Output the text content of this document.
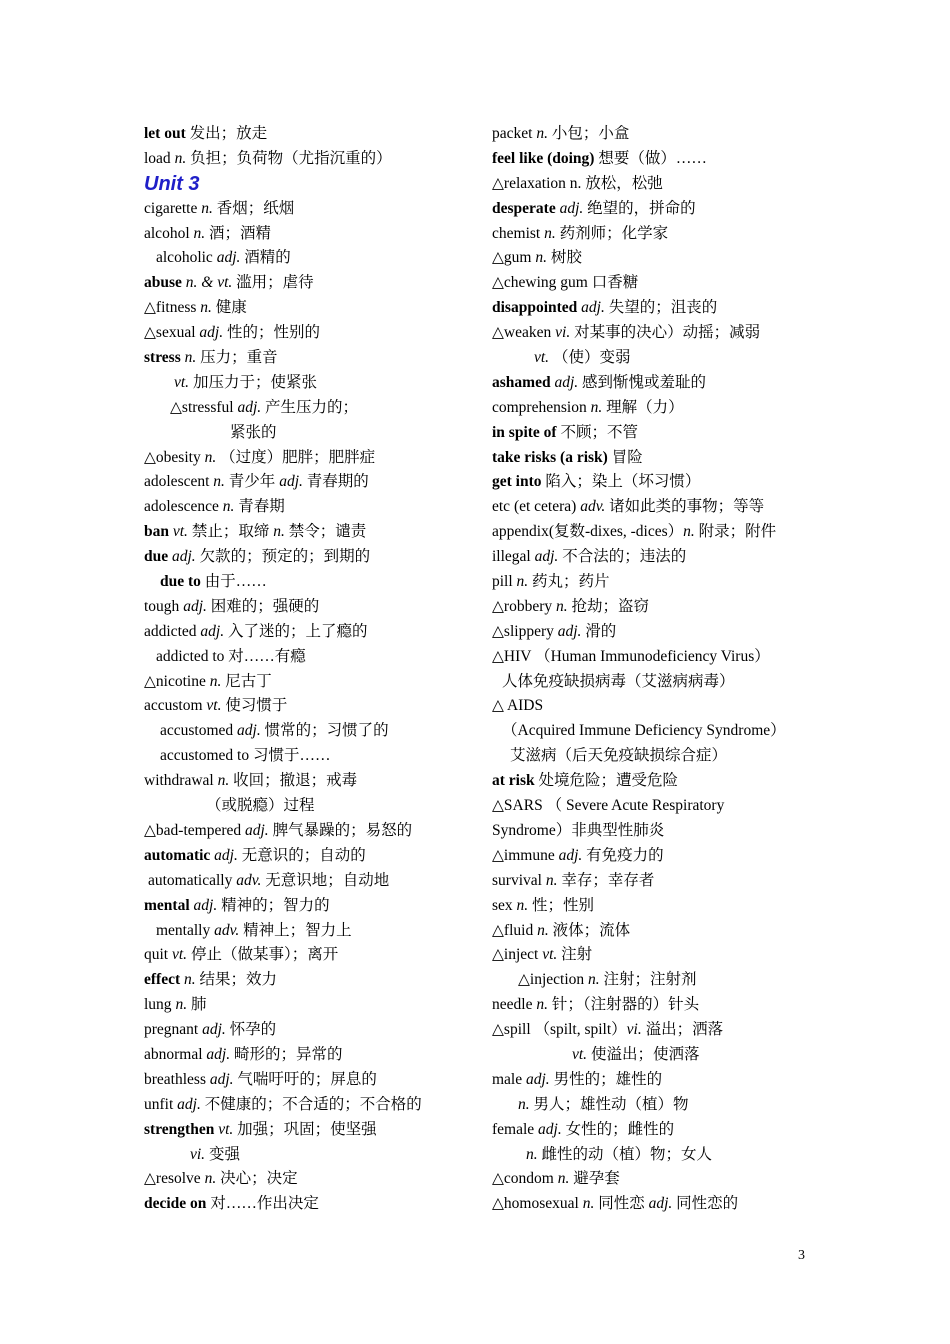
let out 发出；放走
load n. 负担；负荷物（尤指沉重的）
Unit 3
cigarette n. 香烟；纸烟
alcohol n. 酒；酒精
alcoholic adj. 酒精的
abuse n. & vt. 滥用；虐待
△fitness n. 健康
△sexual adj. 性的；性别的
stress n. 压力；重音
vt. 加压力于；使紧张
△stressful adj. 产生压力的；
紧张的
△obesity n. （过度）肥胖；肥胖症
adolescent n. 青少年 adj. 青春期的
adolescence n. 青春期
ban vt. 禁止；取缔 n. 禁令；谴责
due adj. 欠款的；预定的；到期的
due to 由于……
tough adj. 困难的；强硬的
addicted adj. 入了迷的；上了瘾的
addicted to 对……有瘾
△nicotine n. 尼古丁
accustom vt. 使习惯于
accustomed adj. 惯常的；习惯了的
accustomed to 习惯于……
withdrawal n. 收回；撤退；戒毒
（或脱瘾）过程
△bad-tempered adj. 脾气暴躁的；易怒的
automatic adj. 无意识的；自动的
automatically adv. 无意识地；自动地
mental adj. 精神的；智力的
mentally adv. 精神上；智力上
quit vt. 停止（做某事）；离开
effect n. 结果；效力
lung n. 肺
pregnant adj. 怀孕的
abnormal adj. 畸形的；异常的
breathless adj. 气喘吁吁的；屏息的
unfit adj. 不健康的；不合适的；不合格的
strengthen vt. 加强；巩固；使坚强
vi. 变强
△resolve n. 决心；决定
decide on 对……作出决定
packet n. 小包；小盒
feel like (doing) 想要（做）……
△relaxation n. 放松，松弛
desperate adj. 绝望的，拼命的
chemist n. 药剂师；化学家
△gum n. 树胶
△chewing gum 口香糖
disappointed adj. 失望的；沮丧的
△weaken vi. 对某事的决心）动摇；减弱
vt. （使）变弱
ashamed adj. 感到惭愧或羞耻的
comprehension n. 理解（力）
in spite of 不顾；不管
take risks (a risk) 冒险
get into 陷入；染上（坏习惯）
etc (et cetera) adv. 诸如此类的事物；等等
appendix(复数-dixes, -dices）n. 附录；附件
illegal adj. 不合法的；违法的
pill n. 药丸；药片
△robbery n. 抢劫；盗窃
△slippery adj. 滑的
△HIV （Human Immunodeficiency Virus）
人体免疫缺损病毒（艾滋病病毒）
△ AIDS
（Acquired Immune Deficiency Syndrome）
艾滋病（后天免疫缺损综合症）
at risk 处境危险；遭受危险
△SARS （ Severe Acute Respiratory
Syndrome）非典型性肺炎
△immune adj. 有免疫力的
survival n. 幸存；幸存者
sex n. 性；性别
△fluid n. 液体；流体
△inject vt. 注射
△injection n. 注射；注射剂
needle n. 针；（注射器的）针头
△spill （spilt, spilt）vi. 溢出；洒落
vt. 使溢出；使洒落
male adj. 男性的；雄性的
n. 男人；雄性动（植）物
female adj. 女性的；雌性的
n. 雌性的动（植）物；女人
△condom n. 避孕套
△homosexual n. 同性恋 adj. 同性恋的
3
